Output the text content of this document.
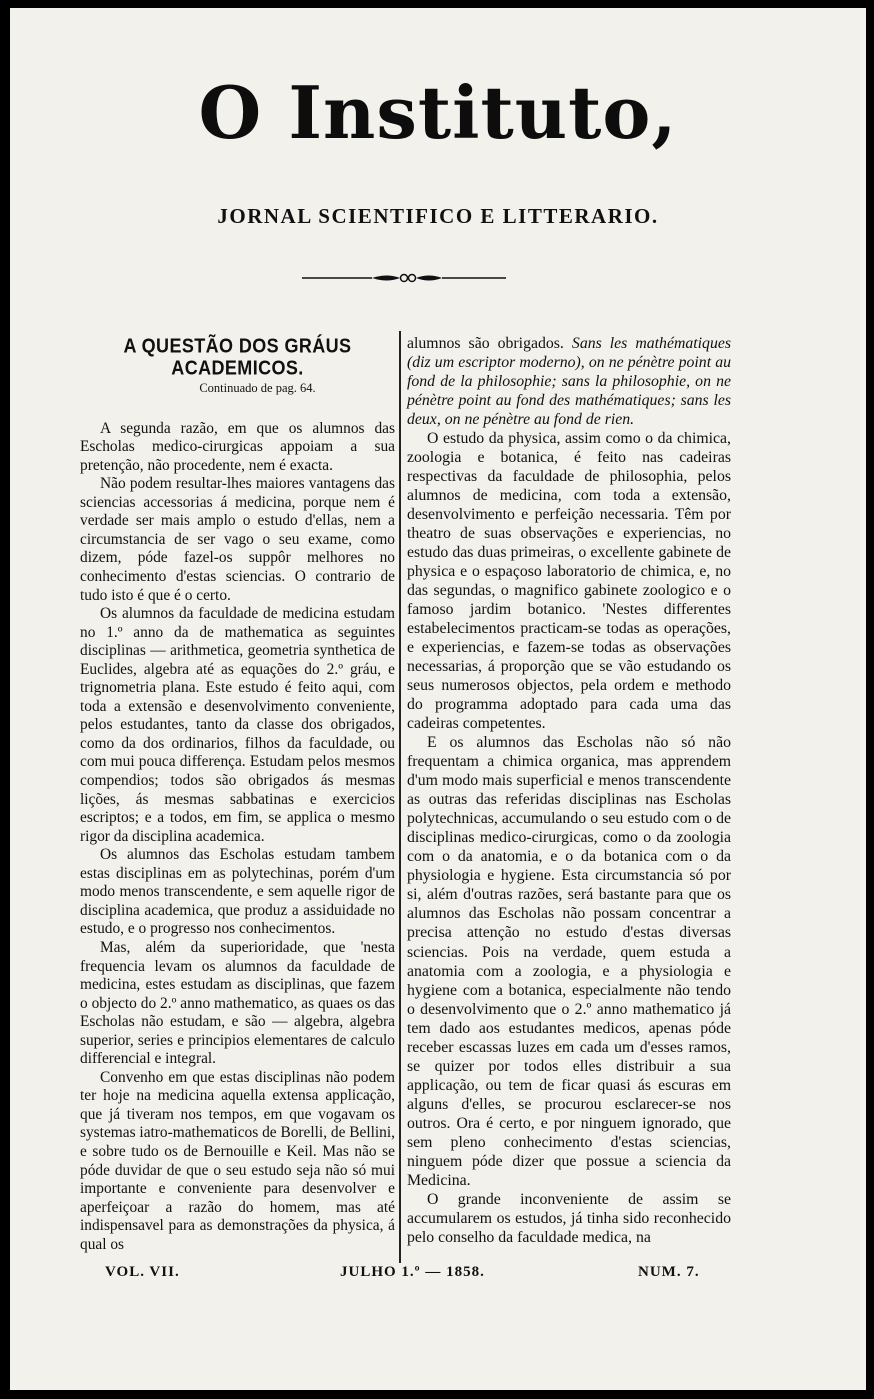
O Instituto,
JORNAL SCIENTIFICO E LITTERARIO.
A QUESTÃO DOS GRÁUS ACADEMICOS.
Continuado de pag. 64.

A segunda razão, em que os alumnos das Escholas medico-cirurgicas appoiam a sua pretenção, não procedente, nem é exacta.

Não podem resultar-lhes maiores vantagens das sciencias accessorias á medicina, porque nem é verdade ser mais amplo o estudo d'ellas, nem a circumstancia de ser vago o seu exame, como dizem, póde fazel-os suppôr melhores no conhecimento d'estas sciencias. O contrario de tudo isto é que é o certo.

Os alumnos da faculdade de medicina estudam no 1.º anno da de mathematica as seguintes disciplinas — arithmetica, geometria synthetica de Euclides, algebra até as equações do 2.º gráu, e trignometria plana. Este estudo é feito aqui, com toda a extensão e desenvolvimento conveniente, pelos estudantes, tanto da classe dos obrigados, como da dos ordinarios, filhos da faculdade, ou com mui pouca differença. Estudam pelos mesmos compendios; todos são obrigados ás mesmas lições, ás mesmas sabbatinas e exercicios escriptos; e a todos, em fim, se applica o mesmo rigor da disciplina academica.

Os alumnos das Escholas estudam tambem estas disciplinas em as polytechinas, porém d'um modo menos transcendente, e sem aquelle rigor de disciplina academica, que produz a assiduidade no estudo, e o progresso nos conhecimentos.

Mas, além da superioridade, que 'nesta frequencia levam os alumnos da faculdade de medicina, estes estudam as disciplinas, que fazem o objecto do 2.º anno mathematico, as quaes os das Escholas não estudam, e são — algebra, algebra superior, series e principios elementares de calculo differencial e integral.

Convenho em que estas disciplinas não podem ter hoje na medicina aquella extensa applicação, que já tiveram nos tempos, em que vogavam os systemas iatro-mathematicos de Borelli, de Bellini, e sobre tudo os de Bernouille e Keil. Mas não se póde duvidar de que o seu estudo seja não só mui importante e conveniente para desenvolver e aperfeiçoar a razão do homem, mas até indispensavel para as demonstrações da physica, á qual os

alumnos são obrigados. Sans les mathématiques (diz um escriptor moderno), on ne pénètre point au fond de la philosophie; sans la philosophie, on ne pénètre point au fond des mathématiques; sans les deux, on ne pénètre au fond de rien.

O estudo da physica, assim como o da chimica, zoologia e botanica, é feito nas cadeiras respectivas da faculdade de philosophia, pelos alumnos de medicina, com toda a extensão, desenvolvimento e perfeição necessaria. Têm por theatro de suas observações e experiencias, no estudo das duas primeiras, o excellente gabinete de physica e o espaçoso laboratorio de chimica, e, no das segundas, o magnifico gabinete zoologico e o famoso jardim botanico. 'Nestes differentes estabelecimentos practicam-se todas as operações, e experiencias, e fazem-se todas as observações necessarias, á proporção que se vão estudando os seus numerosos objectos, pela ordem e methodo do programma adoptado para cada uma das cadeiras competentes.

E os alumnos das Escholas não só não frequentam a chimica organica, mas apprendem d'um modo mais superficial e menos transcendente as outras das referidas disciplinas nas Escholas polytechnicas, accumulando o seu estudo com o de disciplinas medico-cirurgicas, como o da zoologia com o da anatomia, e o da botanica com o da physiologia e hygiene. Esta circumstancia só por si, além d'outras razões, será bastante para que os alumnos das Escholas não possam concentrar a precisa attenção no estudo d'estas diversas sciencias. Pois na verdade, quem estuda a anatomia com a zoologia, e a physiologia e hygiene com a botanica, especialmente não tendo o desenvolvimento que o 2.º anno mathematico já tem dado aos estudantes medicos, apenas póde receber escassas luzes em cada um d'esses ramos, se quizer por todos elles distribuir a sua applicação, ou tem de ficar quasi ás escuras em alguns d'elles, se procurou esclarecer-se nos outros. Ora é certo, e por ninguem ignorado, que sem pleno conhecimento d'estas sciencias, ninguem póde dizer que possue a sciencia da Medicina.

O grande inconveniente de assim se accumularem os estudos, já tinha sido reconhecido pelo conselho da faculdade medica, na

VOL. VII.	JULHO 1.º — 1858.	NUM. 7.
